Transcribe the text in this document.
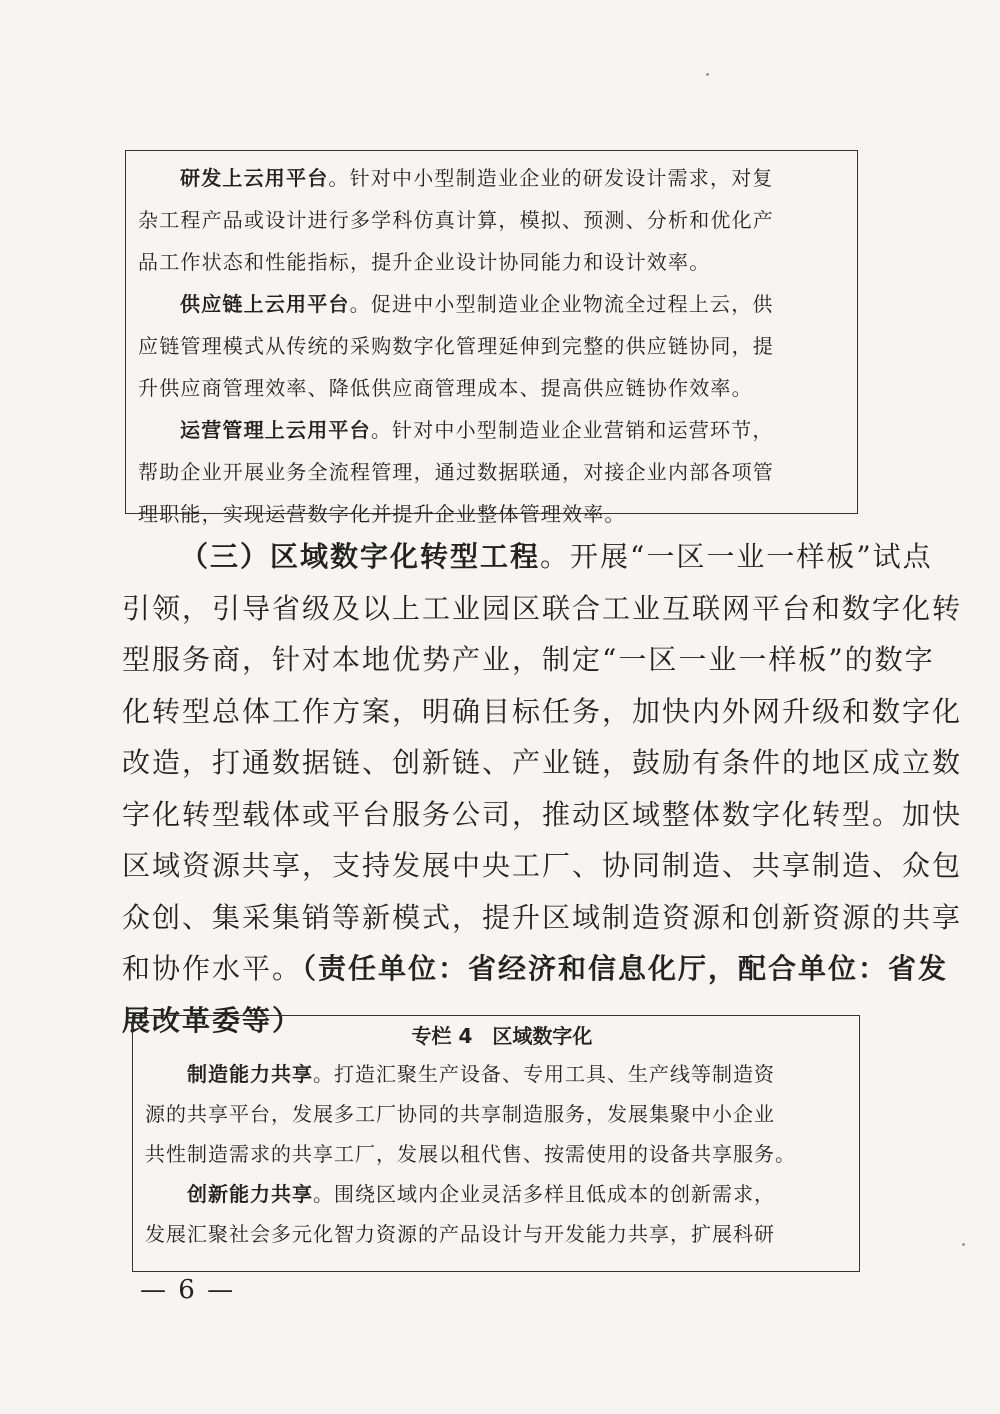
研发上云用平台。针对中小型制造业企业的研发设计需求，对复
杂工程产品或设计进行多学科仿真计算，模拟、预测、分析和优化产
品工作状态和性能指标，提升企业设计协同能力和设计效率。
供应链上云用平台。促进中小型制造业企业物流全过程上云，供
应链管理模式从传统的采购数字化管理延伸到完整的供应链协同，提
升供应商管理效率、降低供应商管理成本、提高供应链协作效率。
运营管理上云用平台。针对中小型制造业企业营销和运营环节，
帮助企业开展业务全流程管理，通过数据联通，对接企业内部各项管
理职能，实现运营数字化并提升企业整体管理效率。
（三）区域数字化转型工程。开展“一区一业一样板”试点
引领，引导省级及以上工业园区联合工业互联网平台和数字化转
型服务商，针对本地优势产业，制定“一区一业一样板”的数字
化转型总体工作方案，明确目标任务，加快内外网升级和数字化
改造，打通数据链、创新链、产业链，鼓励有条件的地区成立数
字化转型载体或平台服务公司，推动区域整体数字化转型。加快
区域资源共享，支持发展中央工厂、协同制造、共享制造、众包
众创、集采集销等新模式，提升区域制造资源和创新资源的共享
和协作水平。（责任单位：省经济和信息化厅，配合单位：省发
展改革委等）	专栏 4　区域数字化
制造能力共享。打造汇聚生产设备、专用工具、生产线等制造资
源的共享平台，发展多工厂协同的共享制造服务，发展集聚中小企业
共性制造需求的共享工厂，发展以租代售、按需使用的设备共享服务。
创新能力共享。围绕区域内企业灵活多样且低成本的创新需求，
发展汇聚社会多元化智力资源的产品设计与开发能力共享，扩展科研
— 6 —
